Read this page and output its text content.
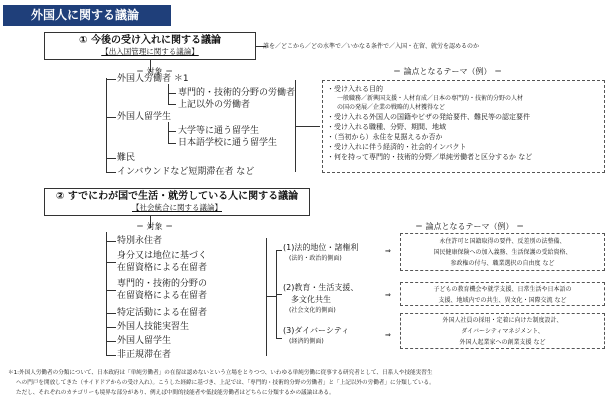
外国人に関する議論
① 今後の受け入れに関する議論
【出入国管理に関する議論】
誰を／どこから／どの水準で／いかなる条件で／入国・在留、就労を認めるのか
＝ 対象 ＝	＝ 論点となるテーマ（例） ＝
外国人労働者 ＊1
専門的・技術的分野の労働者
上記以外の労働者
外国人留学生
大学等に通う留学生
日本語学校に通う留学生
難民
インバウンドなど短期滞在者 など
・受け入れる目的
一般職務／新興国支援・人材育成／日本の専門的・技術的分野の人材
の国の発展／企業の戦略的人材獲得など
・受け入れる外国人の国籍やビザの発給要件、難民等の認定要件
・受け入れる職種、分野、期間、地域
・（当初から）永住を見据えるか否か
・受け入れに伴う経済的・社会的インパクト
・何を持って専門的・技術的分野／単純労働者と区分するか など
② すでにわが国で生活・就労している人に関する議論
【社会統合に関する議論】
＝ 対象 ＝	＝ 論点となるテーマ（例） ＝
特別永住者
身分又は地位に基づく
在留資格による在留者
専門的・技術的分野の
在留資格による在留者
特定活動による在留者
外国人技能実習生
外国人留学生
非正規滞在者
(1)法的地位・諸権利
(法的・政治的側面)
(2)教育・生活支援、
多文化共生
(社会文化的側面)
(3)ダイバーシティ
(経済的側面)
⇒
⇒
⇒
永住許可と国籍取得の要件、反差別の法整備、
国民健康保険への加入義務、生活保護の受給資格、
参政権の付与、職業選択の自由度 など
子どもの教育機会や就学支援、日常生活や日本語の
支援、地域内での共生、異文化・国際交流 など
外国人社員の採用・定着に向けた制度設計、
ダイバーシティマネジメント、
外国人起業家への創業支援 など
＊1:外国人労働者の分類について、日本政府は「単純労働者」の在留は認めないという立場をとりつつ、いわゆる単純労働に従事する研究者として、日系人や技能実習生
への門戸を開放してきた（サイドドアからの受け入れ）。こうした経緯に基づき、上記では、「専門的・技術的分野の労働者」と「上記以外の労働者」に分類している。
ただし、それぞれのカテゴリーも境界な部分があり、例えば中間的技能者や低技能労働者はどちらに分類するかの議論はある。
